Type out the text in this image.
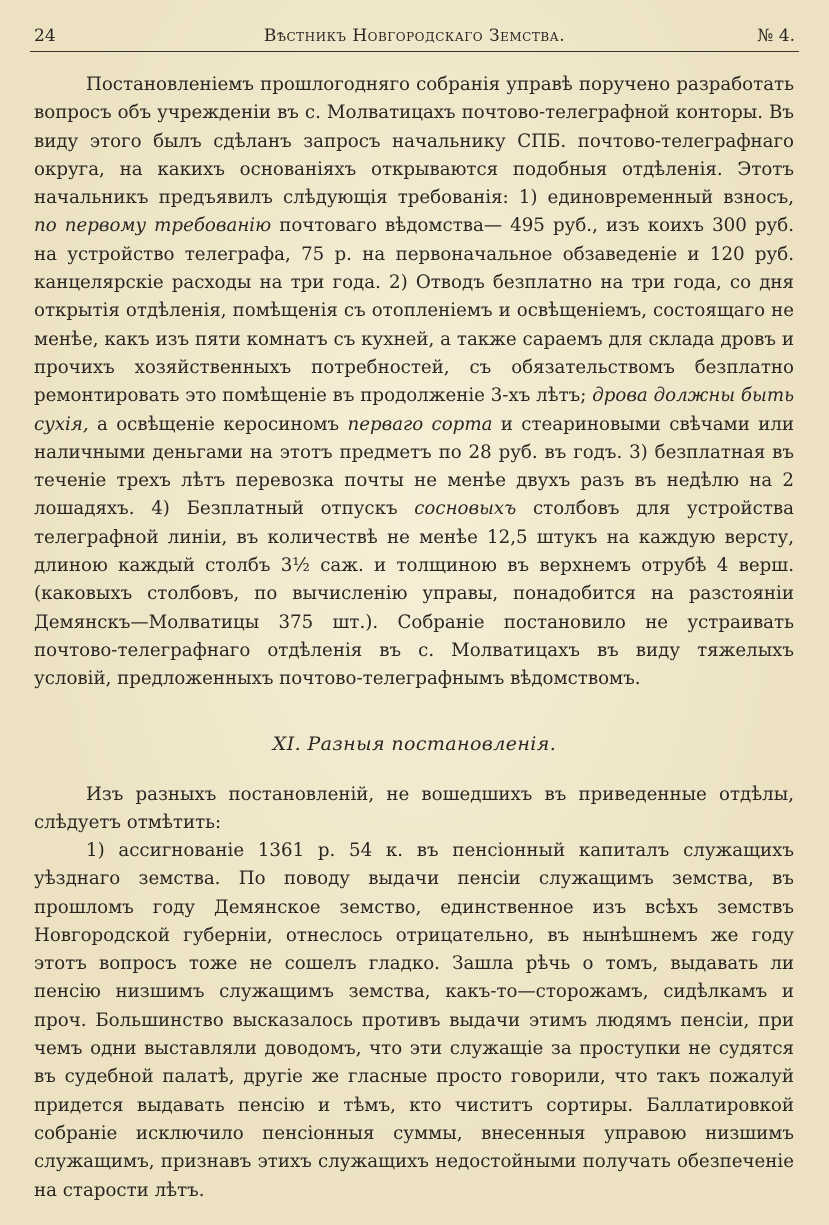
24	Вѣстникъ Новгородскаго Земства.	№ 4.
Постановленіемъ прошлогодняго собранія управѣ поручено разработать вопросъ объ учрежденіи въ с. Молватицахъ почтово-телеграфной конторы. Въ виду этого былъ сдѣланъ запросъ начальнику СПБ. почтово-телеграфнаго округа, на какихъ основаніяхъ открываются подобныя отдѣленія. Этотъ начальникъ предъявилъ слѣдующія требованія: 1) единовременный взносъ, по первому требованію почтоваго вѣдомства— 495 руб., изъ коихъ 300 руб. на устройство телеграфа, 75 р. на первоначальное обзаведеніе и 120 руб. канцелярскіе расходы на три года. 2) Отводъ безплатно на три года, со дня открытія отдѣленія, помѣщенія съ отопленіемъ и освѣщеніемъ, состоящаго не менѣе, какъ изъ пяти комнатъ съ кухней, а также сараемъ для склада дровъ и прочихъ хозяйственныхъ потребностей, съ обязательствомъ безплатно ремонтировать это помѣщеніе въ продолженіе 3-хъ лѣтъ; дрова должны быть сухія, а освѣщеніе керосиномъ перваго сорта и стеариновыми свѣчами или наличными деньгами на этотъ предметъ по 28 руб. въ годъ. 3) безплатная въ теченіе трехъ лѣтъ перевозка почты не менѣе двухъ разъ въ недѣлю на 2 лошадяхъ. 4) Безплатный отпускъ сосновыхъ столбовъ для устройства телеграфной линіи, въ количествѣ не менѣе 12,5 штукъ на каждую версту, длиною каждый столбъ 3½ саж. и толщиною въ верхнемъ отрубѣ 4 верш. (каковыхъ столбовъ, по вычисленію управы, понадобится на разстояніи Демянскъ—Молватицы 375 шт.). Собраніе постановило не устраивать почтово-телеграфнаго отдѣленія въ с. Молватицахъ въ виду тяжелыхъ условій, предложенныхъ почтово-телеграфнымъ вѣдомствомъ.
XI. Разныя постановленія.
Изъ разныхъ постановленій, не вошедшихъ въ приведенные отдѣлы, слѣдуетъ отмѣтить:
1) ассигнованіе 1361 р. 54 к. въ пенсіонный капиталъ служащихъ уѣзднаго земства. По поводу выдачи пенсіи служащимъ земства, въ прошломъ году Демянское земство, единственное изъ всѣхъ земствъ Новгородской губерніи, отнеслось отрицательно, въ нынѣшнемъ же году этотъ вопросъ тоже не сошелъ гладко. Зашла рѣчь о томъ, выдавать ли пенсію низшимъ служащимъ земства, какъ-то—сторожамъ, сидѣлкамъ и проч. Большинство высказалось противъ выдачи этимъ людямъ пенсіи, при чемъ одни выставляли доводомъ, что эти служащіе за проступки не судятся въ судебной палатѣ, другіе же гласные просто говорили, что такъ пожалуй придется выдавать пенсію и тѣмъ, кто чиститъ сортиры. Баллатировкой собраніе исключило пенсіонныя суммы, внесенныя управою низшимъ служащимъ, признавъ этихъ служащихъ недостойными получать обезпеченіе на старости лѣтъ.
